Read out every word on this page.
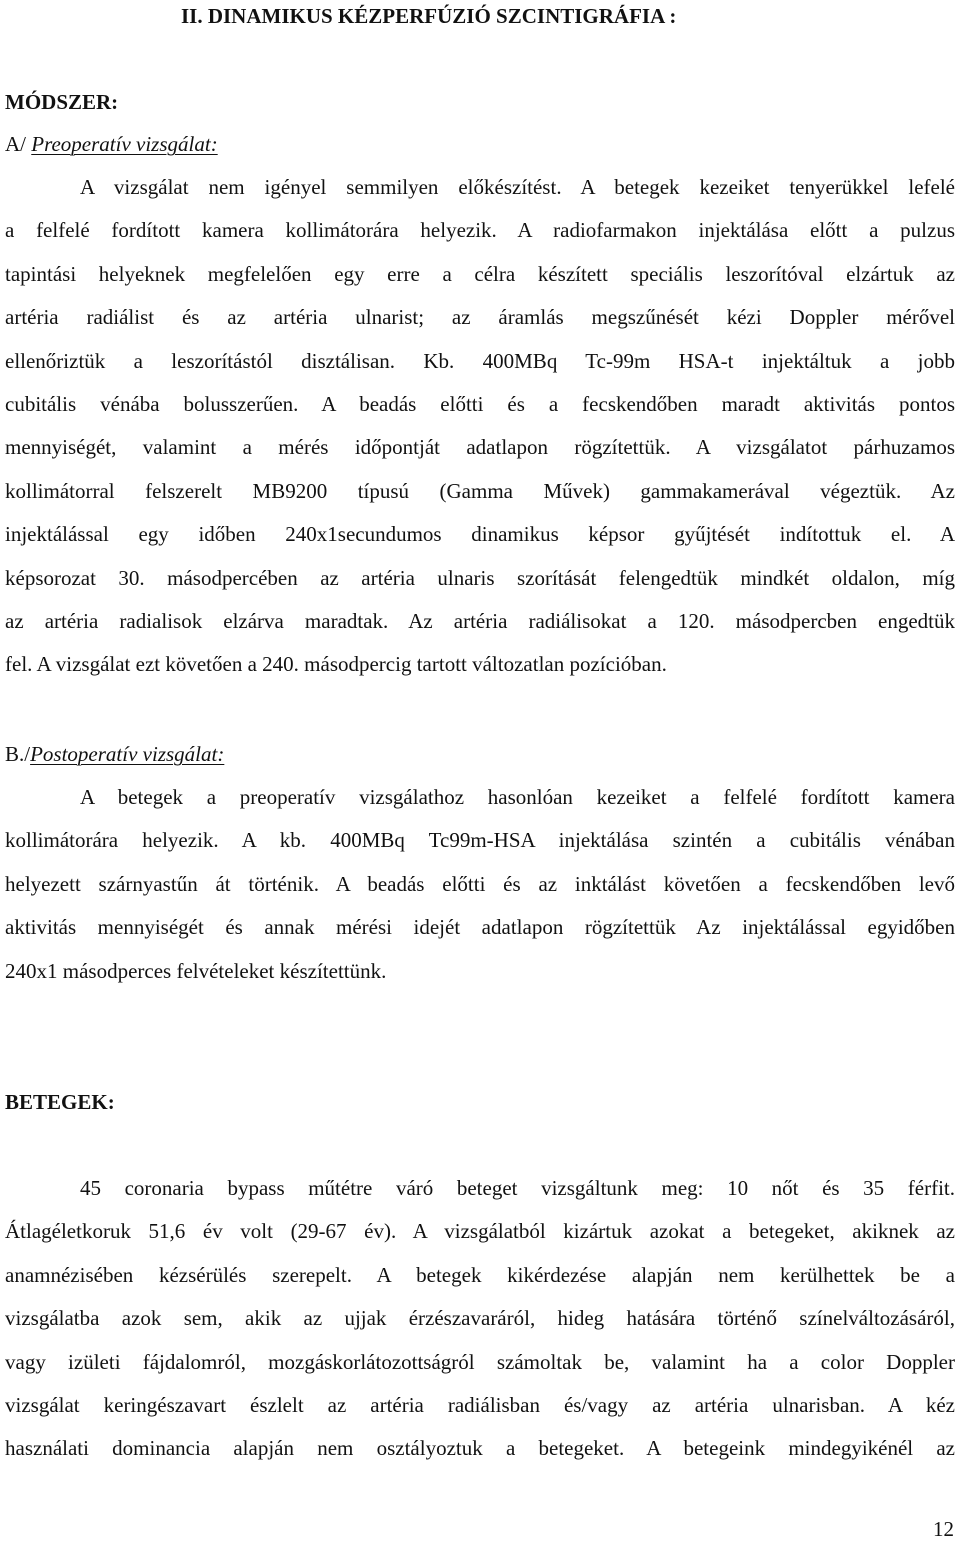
II. DINAMIKUS KÉZPERFÚZIÓ SZCINTIGRÁFIA :
MÓDSZER:

A/ Preoperatív vizsgálat:

A vizsgálat nem igényel semmilyen előkészítést. A betegek kezeiket tenyerükkel lefelé
a felfelé fordított kamera kollimátorára helyezik. A radiofarmakon injektálása előtt a pulzus
tapintási helyeknek megfelelően egy erre a célra készített speciális leszorítóval elzártuk az
artéria radiálist és az artéria ulnarist; az áramlás megszűnését kézi Doppler mérővel
ellenőriztük a leszorítástól disztálisan. Kb. 400MBq Tc-99m HSA-t injektáltuk a jobb
cubitális vénába bolusszerűen. A beadás előtti és a fecskendőben maradt aktivitás pontos
mennyiségét, valamint a mérés időpontját adatlapon rögzítettük. A vizsgálatot párhuzamos
kollimátorral felszerelt MB9200 típusú (Gamma Művek) gammakamerával végeztük. Az
injektálással egy időben 240x1secundumos dinamikus képsor gyűjtését indítottuk el. A
képsorozat 30. másodpercében az artéria ulnaris szorítását felengedtük mindkét oldalon, míg
az artéria radialisok elzárva maradtak. Az artéria radiálisokat a 120. másodpercben engedtük
fel. A vizsgálat ezt követően a 240. másodpercig tartott változatlan pozícióban.

B./Postoperatív vizsgálat:

A betegek a preoperatív vizsgálathoz hasonlóan kezeiket a felfelé fordított kamera
kollimátorára helyezik. A kb. 400MBq Tc99m-HSA injektálása szintén a cubitális vénában
helyezett szárnyastűn át történik. A beadás előtti és az inktálást követően a fecskendőben levő
aktivitás mennyiségét és annak mérési idejét adatlapon rögzítettük Az injektálással egyidőben
240x1 másodperces felvételeket készítettünk.
BETEGEK:
45 coronaria bypass műtétre váró beteget vizsgáltunk meg: 10 nőt és 35 férfit.
Átlagéletkoruk 51,6 év volt (29-67 év). A vizsgálatból kizártuk azokat a betegeket, akiknek az
anamnézisében kézsérülés szerepelt. A betegek kikérdezése alapján nem kerülhettek be a
vizsgálatba azok sem, akik az ujjak érzészavaráról, hideg hatására történő színelváltozásáról,
vagy izületi fájdalomról, mozgáskorlátozottságról számoltak be, valamint ha a color Doppler
vizsgálat keringészavart észlelt az artéria radiálisban és/vagy az artéria ulnarisban. A kéz
használati dominancia alapján nem osztályoztuk a betegeket. A betegeink mindegyikénél az

12
